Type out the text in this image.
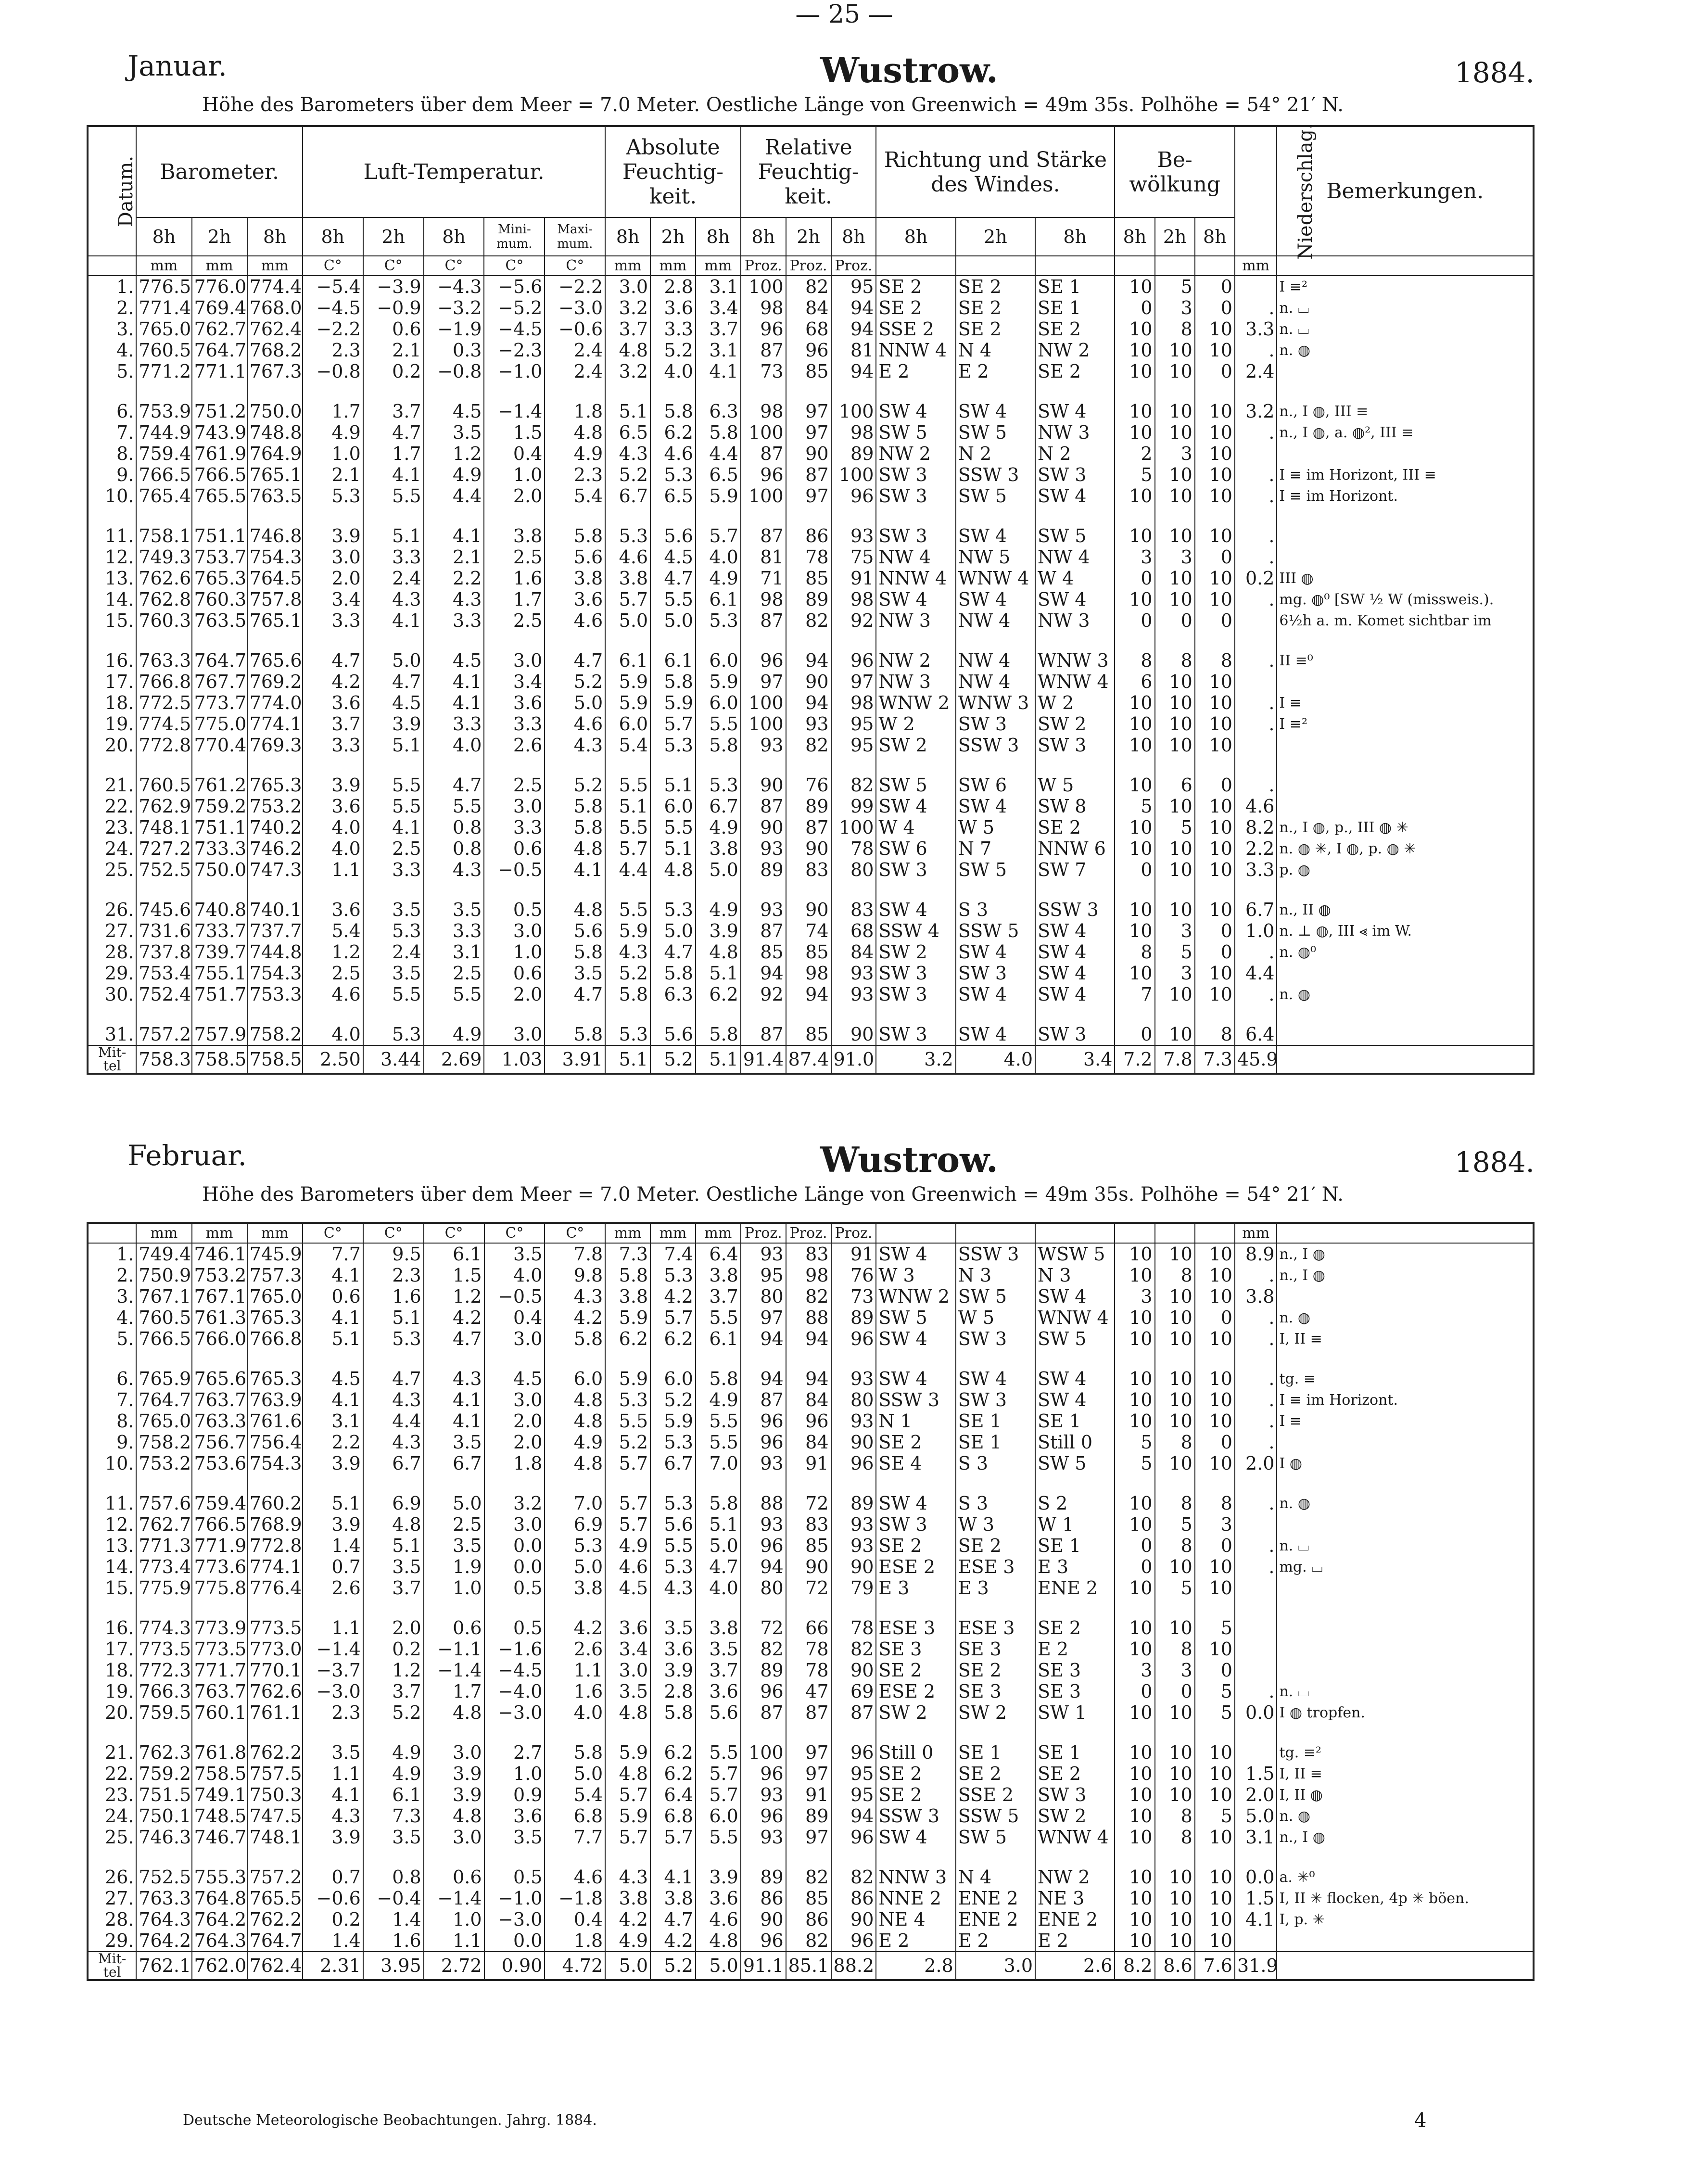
— 25 —
Januar.	Wustrow.	1884.
Höhe des Barometers über dem Meer = 7.0 Meter. Oestliche Länge von Greenwich = 49m 35s. Polhöhe = 54° 21′ N.
Datum.	Barometer.			Luft-Temperatur.					Absolute Feuchtig- keit.			Relative Feuchtig- keit.			Richtung und Stärke des Windes.			Be- wölkung			Niederschlag.	Bemerkungen.
	8h	2h	8h	8h	2h	8h	Mini- mum.	Maxi- mum.	8h	2h	8h	8h	2h	8h	8h	2h	8h	8h	2h	8h		
	mm	mm	mm	C°	C°	C°	C°	C°	mm	mm	mm	Proz.	Proz.	Proz.							mm	
1.	776.5	776.0	774.4	−5.4	−3.9	−4.3	−5.6	−2.2	3.0	2.8	3.1	100	82	95	SE 2	SE 2	SE 1	10	5	0		I ≡²
2.	771.4	769.4	768.0	−4.5	−0.9	−3.2	−5.2	−3.0	3.2	3.6	3.4	98	84	94	SE 2	SE 2	SE 1	0	3	0	.	n. ⌴
3.	765.0	762.7	762.4	−2.2	0.6	−1.9	−4.5	−0.6	3.7	3.3	3.7	96	68	94	SSE 2	SE 2	SE 2	10	8	10	3.3	n. ⌴
4.	760.5	764.7	768.2	2.3	2.1	0.3	−2.3	2.4	4.8	5.2	3.1	87	96	81	NNW 4	N 4	NW 2	10	10	10	.	n. ◍
5.	771.2	771.1	767.3	−0.8	0.2	−0.8	−1.0	2.4	3.2	4.0	4.1	73	85	94	E 2	E 2	SE 2	10	10	0	2.4	

6.	753.9	751.2	750.0	1.7	3.7	4.5	−1.4	1.8	5.1	5.8	6.3	98	97	100	SW 4	SW 4	SW 4	10	10	10	3.2	n., I ◍, III ≡
7.	744.9	743.9	748.8	4.9	4.7	3.5	1.5	4.8	6.5	6.2	5.8	100	97	98	SW 5	SW 5	NW 3	10	10	10	.	n., I ◍, a. ◍², III ≡
8.	759.4	761.9	764.9	1.0	1.7	1.2	0.4	4.9	4.3	4.6	4.4	87	90	89	NW 2	N 2	N 2	2	3	10		
9.	766.5	766.5	765.1	2.1	4.1	4.9	1.0	2.3	5.2	5.3	6.5	96	87	100	SW 3	SSW 3	SW 3	5	10	10	.	I ≡ im Horizont, III ≡
10.	765.4	765.5	763.5	5.3	5.5	4.4	2.0	5.4	6.7	6.5	5.9	100	97	96	SW 3	SW 5	SW 4	10	10	10	.	I ≡ im Horizont.

11.	758.1	751.1	746.8	3.9	5.1	4.1	3.8	5.8	5.3	5.6	5.7	87	86	93	SW 3	SW 4	SW 5	10	10	10	.	
12.	749.3	753.7	754.3	3.0	3.3	2.1	2.5	5.6	4.6	4.5	4.0	81	78	75	NW 4	NW 5	NW 4	3	3	0	.	
13.	762.6	765.3	764.5	2.0	2.4	2.2	1.6	3.8	3.8	4.7	4.9	71	85	91	NNW 4	WNW 4	W 4	0	10	10	0.2	III ◍
14.	762.8	760.3	757.8	3.4	4.3	4.3	1.7	3.6	5.7	5.5	6.1	98	89	98	SW 4	SW 4	SW 4	10	10	10	.	mg. ◍⁰ [SW ½ W (missweis.).
15.	760.3	763.5	765.1	3.3	4.1	3.3	2.5	4.6	5.0	5.0	5.3	87	82	92	NW 3	NW 4	NW 3	0	0	0		6½h a. m. Komet sichtbar im

16.	763.3	764.7	765.6	4.7	5.0	4.5	3.0	4.7	6.1	6.1	6.0	96	94	96	NW 2	NW 4	WNW 3	8	8	8	.	II ≡⁰
17.	766.8	767.7	769.2	4.2	4.7	4.1	3.4	5.2	5.9	5.8	5.9	97	90	97	NW 3	NW 4	WNW 4	6	10	10		
18.	772.5	773.7	774.0	3.6	4.5	4.1	3.6	5.0	5.9	5.9	6.0	100	94	98	WNW 2	WNW 3	W 2	10	10	10	.	I ≡
19.	774.5	775.0	774.1	3.7	3.9	3.3	3.3	4.6	6.0	5.7	5.5	100	93	95	W 2	SW 3	SW 2	10	10	10	.	I ≡²
20.	772.8	770.4	769.3	3.3	5.1	4.0	2.6	4.3	5.4	5.3	5.8	93	82	95	SW 2	SSW 3	SW 3	10	10	10		

21.	760.5	761.2	765.3	3.9	5.5	4.7	2.5	5.2	5.5	5.1	5.3	90	76	82	SW 5	SW 6	W 5	10	6	0	.	
22.	762.9	759.2	753.2	3.6	5.5	5.5	3.0	5.8	5.1	6.0	6.7	87	89	99	SW 4	SW 4	SW 8	5	10	10	4.6	
23.	748.1	751.1	740.2	4.0	4.1	0.8	3.3	5.8	5.5	5.5	4.9	90	87	100	W 4	W 5	SE 2	10	5	10	8.2	n., I ◍, p., III ◍ ✳
24.	727.2	733.3	746.2	4.0	2.5	0.8	0.6	4.8	5.7	5.1	3.8	93	90	78	SW 6	N 7	NNW 6	10	10	10	2.2	n. ◍ ✳, I ◍, p. ◍ ✳
25.	752.5	750.0	747.3	1.1	3.3	4.3	−0.5	4.1	4.4	4.8	5.0	89	83	80	SW 3	SW 5	SW 7	0	10	10	3.3	p. ◍

26.	745.6	740.8	740.1	3.6	3.5	3.5	0.5	4.8	5.5	5.3	4.9	93	90	83	SW 4	S 3	SSW 3	10	10	10	6.7	n., II ◍
27.	731.6	733.7	737.7	5.4	5.3	3.3	3.0	5.6	5.9	5.0	3.9	87	74	68	SSW 4	SSW 5	SW 4	10	3	0	1.0	n. ⊥ ◍, III ⪡ im W.
28.	737.8	739.7	744.8	1.2	2.4	3.1	1.0	5.8	4.3	4.7	4.8	85	85	84	SW 2	SW 4	SW 4	8	5	0	.	n. ◍⁰
29.	753.4	755.1	754.3	2.5	3.5	2.5	0.6	3.5	5.2	5.8	5.1	94	98	93	SW 3	SW 3	SW 4	10	3	10	4.4	
30.	752.4	751.7	753.3	4.6	5.5	5.5	2.0	4.7	5.8	6.3	6.2	92	94	93	SW 3	SW 4	SW 4	7	10	10	.	n. ◍

31.	757.2	757.9	758.2	4.0	5.3	4.9	3.0	5.8	5.3	5.6	5.8	87	85	90	SW 3	SW 4	SW 3	0	10	8	6.4	
Mit- tel	758.3	758.5	758.5	2.50	3.44	2.69	1.03	3.91	5.1	5.2	5.1	91.4	87.4	91.0	3.2	4.0	3.4	7.2	7.8	7.3	45.9	
Februar.	Wustrow.	1884.
Höhe des Barometers über dem Meer = 7.0 Meter. Oestliche Länge von Greenwich = 49m 35s. Polhöhe = 54° 21′ N.
	mm	mm	mm	C°	C°	C°	C°	C°	mm	mm	mm	Proz.	Proz.	Proz.							mm	
1.	749.4	746.1	745.9	7.7	9.5	6.1	3.5	7.8	7.3	7.4	6.4	93	83	91	SW 4	SSW 3	WSW 5	10	10	10	8.9	n., I ◍
2.	750.9	753.2	757.3	4.1	2.3	1.5	4.0	9.8	5.8	5.3	3.8	95	98	76	W 3	N 3	N 3	10	8	10	.	n., I ◍
3.	767.1	767.1	765.0	0.6	1.6	1.2	−0.5	4.3	3.8	4.2	3.7	80	82	73	WNW 2	SW 5	SW 4	3	10	10	3.8	
4.	760.5	761.3	765.3	4.1	5.1	4.2	0.4	4.2	5.9	5.7	5.5	97	88	89	SW 5	W 5	WNW 4	10	10	0	.	n. ◍
5.	766.5	766.0	766.8	5.1	5.3	4.7	3.0	5.8	6.2	6.2	6.1	94	94	96	SW 4	SW 3	SW 5	10	10	10	.	I, II ≡

6.	765.9	765.6	765.3	4.5	4.7	4.3	4.5	6.0	5.9	6.0	5.8	94	94	93	SW 4	SW 4	SW 4	10	10	10	.	tg. ≡
7.	764.7	763.7	763.9	4.1	4.3	4.1	3.0	4.8	5.3	5.2	4.9	87	84	80	SSW 3	SW 3	SW 4	10	10	10	.	I ≡ im Horizont.
8.	765.0	763.3	761.6	3.1	4.4	4.1	2.0	4.8	5.5	5.9	5.5	96	96	93	N 1	SE 1	SE 1	10	10	10	.	I ≡
9.	758.2	756.7	756.4	2.2	4.3	3.5	2.0	4.9	5.2	5.3	5.5	96	84	90	SE 2	SE 1	Still 0	5	8	0	.	
10.	753.2	753.6	754.3	3.9	6.7	6.7	1.8	4.8	5.7	6.7	7.0	93	91	96	SE 4	S 3	SW 5	5	10	10	2.0	I ◍

11.	757.6	759.4	760.2	5.1	6.9	5.0	3.2	7.0	5.7	5.3	5.8	88	72	89	SW 4	S 3	S 2	10	8	8	.	n. ◍
12.	762.7	766.5	768.9	3.9	4.8	2.5	3.0	6.9	5.7	5.6	5.1	93	83	93	SW 3	W 3	W 1	10	5	3		
13.	771.3	771.9	772.8	1.4	5.1	3.5	0.0	5.3	4.9	5.5	5.0	96	85	93	SE 2	SE 2	SE 1	0	8	0	.	n. ⌴
14.	773.4	773.6	774.1	0.7	3.5	1.9	0.0	5.0	4.6	5.3	4.7	94	90	90	ESE 2	ESE 3	E 3	0	10	10	.	mg. ⌴
15.	775.9	775.8	776.4	2.6	3.7	1.0	0.5	3.8	4.5	4.3	4.0	80	72	79	E 3	E 3	ENE 2	10	5	10		

16.	774.3	773.9	773.5	1.1	2.0	0.6	0.5	4.2	3.6	3.5	3.8	72	66	78	ESE 3	ESE 3	SE 2	10	10	5		
17.	773.5	773.5	773.0	−1.4	0.2	−1.1	−1.6	2.6	3.4	3.6	3.5	82	78	82	SE 3	SE 3	E 2	10	8	10		
18.	772.3	771.7	770.1	−3.7	1.2	−1.4	−4.5	1.1	3.0	3.9	3.7	89	78	90	SE 2	SE 2	SE 3	3	3	0		
19.	766.3	763.7	762.6	−3.0	3.7	1.7	−4.0	1.6	3.5	2.8	3.6	96	47	69	ESE 2	SE 3	SE 3	0	0	5	.	n. ⌴
20.	759.5	760.1	761.1	2.3	5.2	4.8	−3.0	4.0	4.8	5.8	5.6	87	87	87	SW 2	SW 2	SW 1	10	10	5	0.0	I ◍ tropfen.

21.	762.3	761.8	762.2	3.5	4.9	3.0	2.7	5.8	5.9	6.2	5.5	100	97	96	Still 0	SE 1	SE 1	10	10	10		tg. ≡²
22.	759.2	758.5	757.5	1.1	4.9	3.9	1.0	5.0	4.8	6.2	5.7	96	97	95	SE 2	SE 2	SE 2	10	10	10	1.5	I, II ≡
23.	751.5	749.1	750.3	4.1	6.1	3.9	0.9	5.4	5.7	6.4	5.7	93	91	95	SE 2	SSE 2	SW 3	10	10	10	2.0	I, II ◍
24.	750.1	748.5	747.5	4.3	7.3	4.8	3.6	6.8	5.9	6.8	6.0	96	89	94	SSW 3	SSW 5	SW 2	10	8	5	5.0	n. ◍
25.	746.3	746.7	748.1	3.9	3.5	3.0	3.5	7.7	5.7	5.7	5.5	93	97	96	SW 4	SW 5	WNW 4	10	8	10	3.1	n., I ◍

26.	752.5	755.3	757.2	0.7	0.8	0.6	0.5	4.6	4.3	4.1	3.9	89	82	82	NNW 3	N 4	NW 2	10	10	10	0.0	a. ✳⁰
27.	763.3	764.8	765.5	−0.6	−0.4	−1.4	−1.0	−1.8	3.8	3.8	3.6	86	85	86	NNE 2	ENE 2	NE 3	10	10	10	1.5	I, II ✳ flocken, 4p ✳ böen.
28.	764.3	764.2	762.2	0.2	1.4	1.0	−3.0	0.4	4.2	4.7	4.6	90	86	90	NE 4	ENE 2	ENE 2	10	10	10	4.1	I, p. ✳
29.	764.2	764.3	764.7	1.4	1.6	1.1	0.0	1.8	4.9	4.2	4.8	96	82	96	E 2	E 2	E 2	10	10	10		
Mit- tel	762.1	762.0	762.4	2.31	3.95	2.72	0.90	4.72	5.0	5.2	5.0	91.1	85.1	88.2	2.8	3.0	2.6	8.2	8.6	7.6	31.9	
Deutsche Meteorologische Beobachtungen. Jahrg. 1884.	4
